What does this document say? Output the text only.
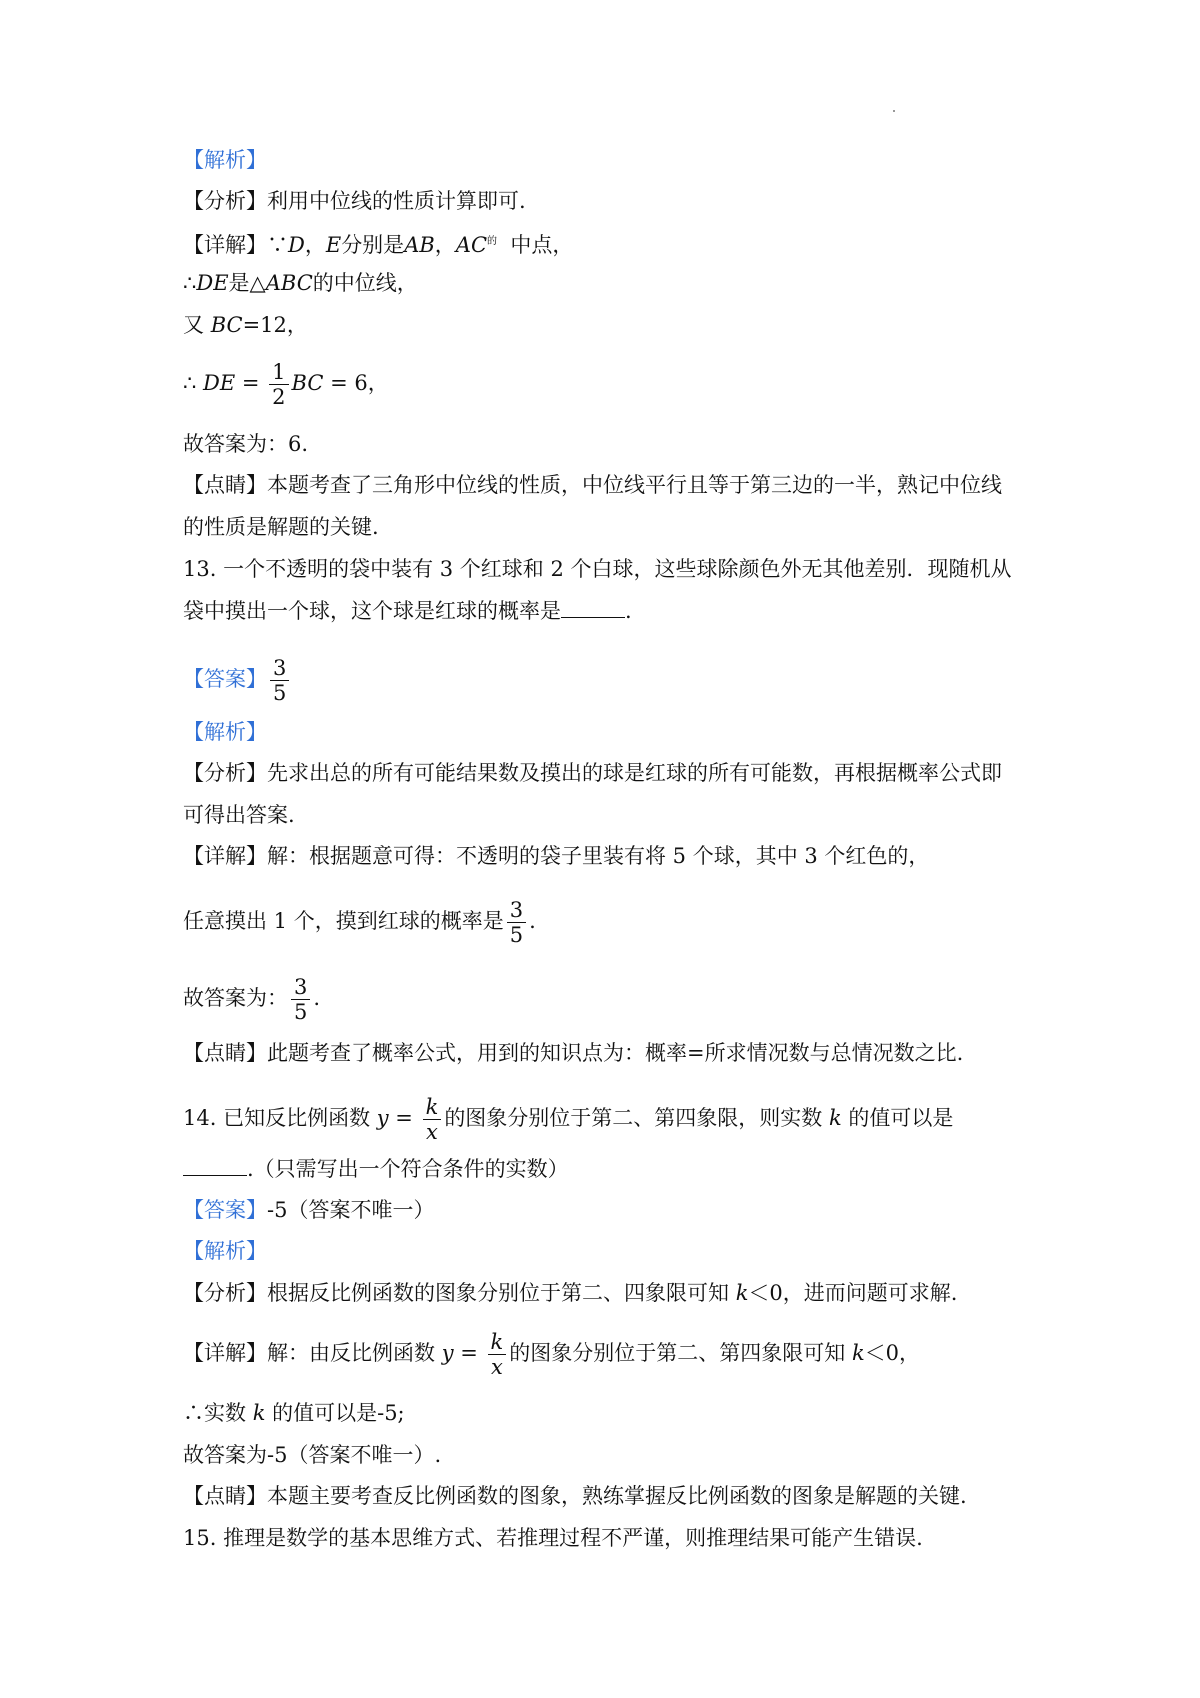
【解析】
【分析】利用中位线的性质计算即可.
【详解】∵D，E分别是AB，$AC^的$ 中点，
∴DE是△ABC的中位线，
又 BC=12，
∴ DE = $\frac{1}{2}$ BC = 6，
故答案为：6.
【点睛】本题考查了三角形中位线的性质，中位线平行且等于第三边的一半，熟记中位线
的性质是解题的关键.
13. 一个不透明的袋中装有 3 个红球和 2 个白球，这些球除颜色外无其他差别．现随机从
袋中摸出一个球，这个球是红球的概率是	.
【答案】 $\frac{3}{5}$
【解析】
【分析】先求出总的所有可能结果数及摸出的球是红球的所有可能数，再根据概率公式即
可得出答案.
【详解】解：根据题意可得：不透明的袋子里装有将 5 个球，其中 3 个红色的，
任意摸出 1 个，摸到红球的概率是 $\frac{3}{5}$ .
故答案为： $\frac{3}{5}$ .
【点睛】此题考查了概率公式，用到的知识点为：概率=所求情况数与总情况数之比.
14. 已知反比例函数 $y = \frac{k}{x}$ 的图象分别位于第二、第四象限，则实数 k 的值可以是
.（只需写出一个符合条件的实数）
【答案】-5（答案不唯一）
【解析】
【分析】根据反比例函数的图象分别位于第二、四象限可知 k＜0，进而问题可求解.
【详解】解：由反比例函数 $y = \frac{k}{x}$ 的图象分别位于第二、第四象限可知 k＜0，
∴实数 k 的值可以是-5;
故答案为-5（答案不唯一）.
【点睛】本题主要考查反比例函数的图象，熟练掌握反比例函数的图象是解题的关键.
15. 推理是数学的基本思维方式、若推理过程不严谨，则推理结果可能产生错误.
